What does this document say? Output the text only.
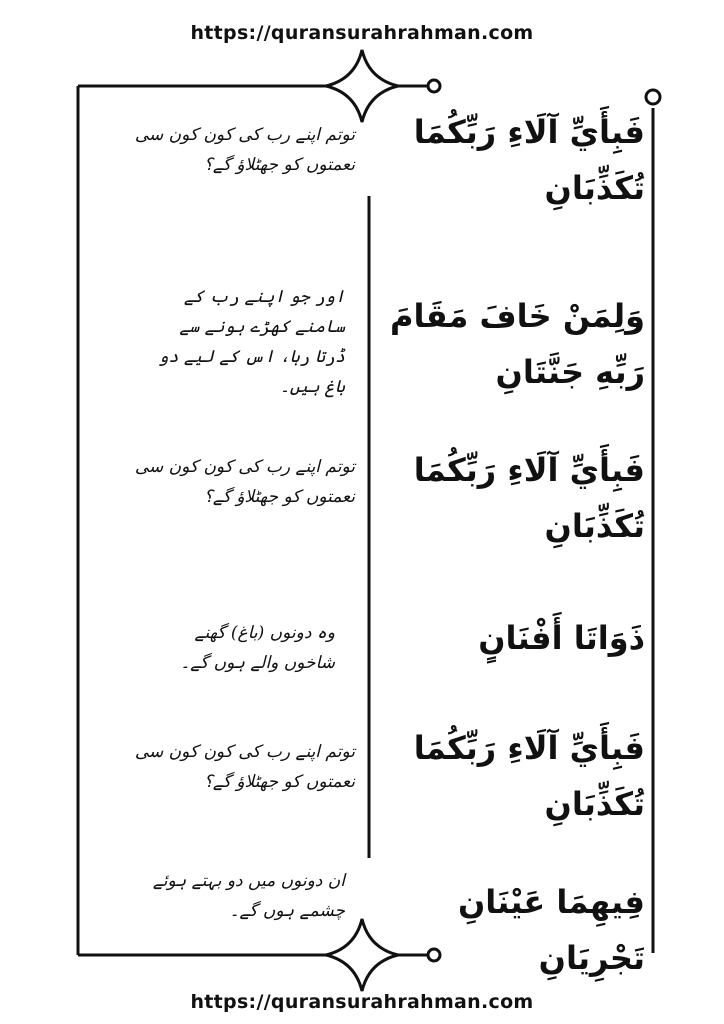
https://quransurahrahman.com
فَبِأَيِّ آلَاءِ رَبِّكُمَا تُكَذِّبَانِ
توتم اپنے رب کی کون کون سی نعمتوں کو جھٹلاؤ گے؟
وَلِمَنْ خَافَ مَقَامَ رَبِّهِ جَنَّتَانِ
اور جو اپنے رب کے سامنے کھڑے ہونے سے ڈرتا رہا، اس کے لیے دو باغ ہیں۔
فَبِأَيِّ آلَاءِ رَبِّكُمَا تُكَذِّبَانِ
توتم اپنے رب کی کون کون سی نعمتوں کو جھٹلاؤ گے؟
ذَوَاتَا أَفْنَانٍ
وہ دونوں (باغ) گھنے شاخوں والے ہوں گے۔
فَبِأَيِّ آلَاءِ رَبِّكُمَا تُكَذِّبَانِ
توتم اپنے رب کی کون کون سی نعمتوں کو جھٹلاؤ گے؟
فِيهِمَا عَيْنَانِ تَجْرِيَانِ
ان دونوں میں دو بہتے ہوئے چشمے ہوں گے۔
https://quransurahrahman.com
